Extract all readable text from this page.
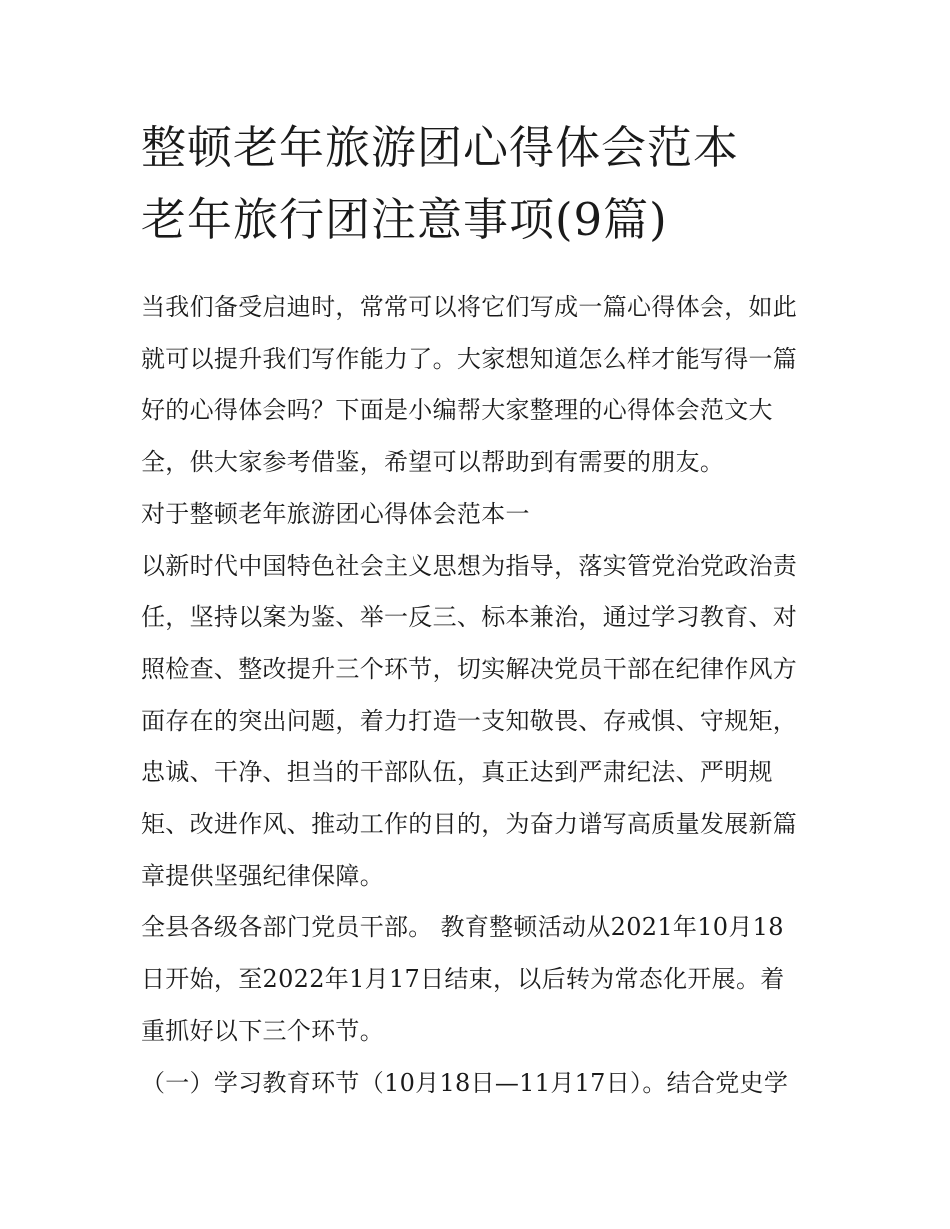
整顿老年旅游团心得体会范本
老年旅行团注意事项(9篇)

当我们备受启迪时，常常可以将它们写成一篇心得体会，如此
就可以提升我们写作能力了。大家想知道怎么样才能写得一篇
好的心得体会吗？下面是小编帮大家整理的心得体会范文大
全，供大家参考借鉴，希望可以帮助到有需要的朋友。

对于整顿老年旅游团心得体会范本一

以新时代中国特色社会主义思想为指导，落实管党治党政治责
任，坚持以案为鉴、举一反三、标本兼治，通过学习教育、对
照检查、整改提升三个环节，切实解决党员干部在纪律作风方
面存在的突出问题，着力打造一支知敬畏、存戒惧、守规矩，
忠诚、干净、担当的干部队伍，真正达到严肃纪法、严明规
矩、改进作风、推动工作的目的，为奋力谱写高质量发展新篇
章提供坚强纪律保障。

全县各级各部门党员干部。 教育整顿活动从2021年10月18
日开始，至2022年1月17日结束，以后转为常态化开展。着
重抓好以下三个环节。

（一）学习教育环节（10月18日—11月17日）。结合党史学
